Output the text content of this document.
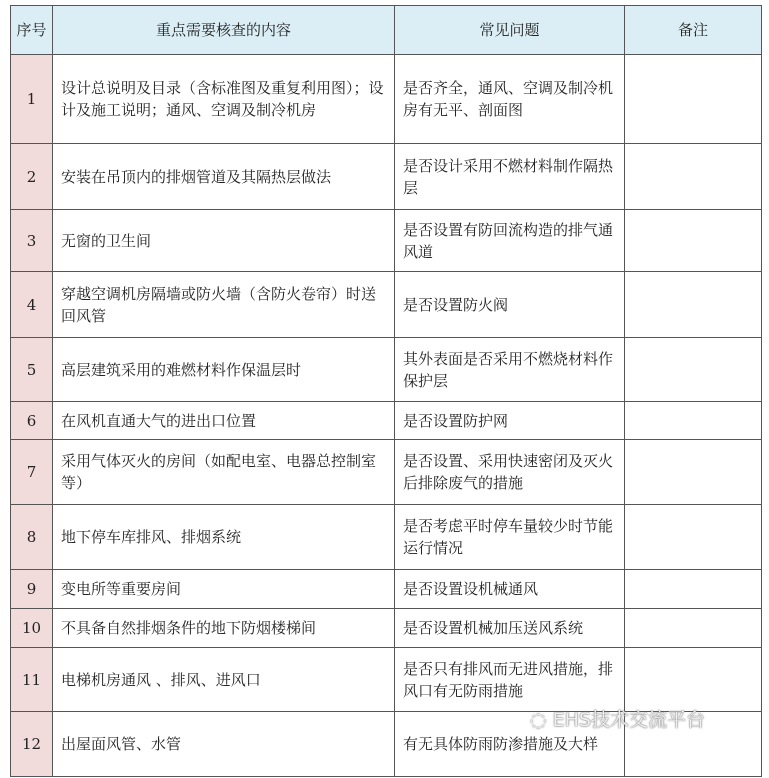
序号	重点需要核查的内容	常见问题	备注
1	设计总说明及目录（含标准图及重复利用图）；设计及施工说明；通风、空调及制冷机房	是否齐全，通风、空调及制冷机房有无平、剖面图	
2	安装在吊顶内的排烟管道及其隔热层做法	是否设计采用不燃材料制作隔热层	
3	无窗的卫生间	是否设置有防回流构造的排气通风道	
4	穿越空调机房隔墙或防火墙（含防火卷帘）时送回风管	是否设置防火阀	
5	高层建筑采用的难燃材料作保温层时	其外表面是否采用不燃烧材料作保护层	
6	在风机直通大气的进出口位置	是否设置防护网	
7	采用气体灭火的房间（如配电室、电器总控制室等）	是否设置、采用快速密闭及灭火后排除废气的措施	
8	地下停车库排风、排烟系统	是否考虑平时停车量较少时节能运行情况	
9	变电所等重要房间	是否设置设机械通风	
10	不具备自然排烟条件的地下防烟楼梯间	是否设置机械加压送风系统	
11	电梯机房通风 、排风、进风口	是否只有排风而无进风措施，排风口有无防雨措施	
12	出屋面风管、水管	有无具体防雨防渗措施及大样	
◌ EHS技术交流平台
